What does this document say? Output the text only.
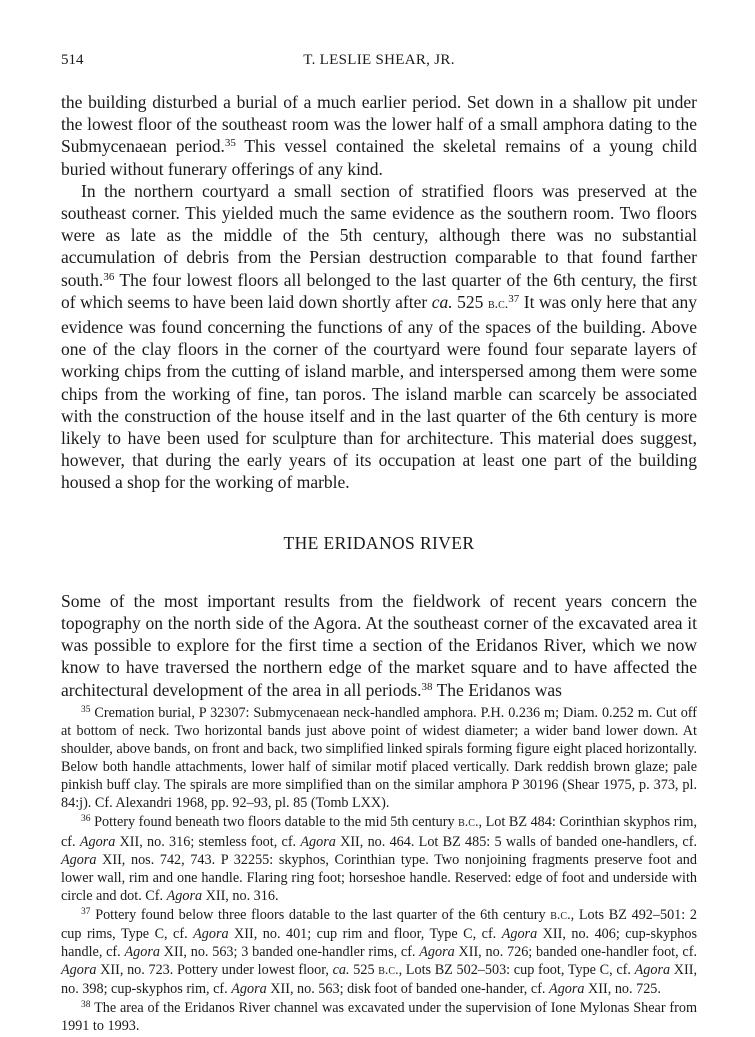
514	T. LESLIE SHEAR, JR.

the building disturbed a burial of a much earlier period. Set down in a shallow pit under the lowest floor of the southeast room was the lower half of a small amphora dating to the Submycenaean period.$^{35}$ This vessel contained the skeletal remains of a young child buried without funerary offerings of any kind.

In the northern courtyard a small section of stratified floors was preserved at the southeast corner. This yielded much the same evidence as the southern room. Two floors were as late as the middle of the 5th century, although there was no substantial accumulation of debris from the Persian destruction comparable to that found farther south.$^{36}$ The four lowest floors all belonged to the last quarter of the 6th century, the first of which seems to have been laid down shortly after ca. 525 b.c.$^{37}$ It was only here that any evidence was found concerning the functions of any of the spaces of the building. Above one of the clay floors in the corner of the courtyard were found four separate layers of working chips from the cutting of island marble, and interspersed among them were some chips from the working of fine, tan poros. The island marble can scarcely be associated with the construction of the house itself and in the last quarter of the 6th century is more likely to have been used for sculpture than for architecture. This material does suggest, however, that during the early years of its occupation at least one part of the building housed a shop for the working of marble.

THE ERIDANOS RIVER

Some of the most important results from the fieldwork of recent years concern the topography on the north side of the Agora. At the southeast corner of the excavated area it was possible to explore for the first time a section of the Eridanos River, which we now know to have traversed the northern edge of the market square and to have affected the architectural development of the area in all periods.$^{38}$ The Eridanos was

$^{35}$ Cremation burial, P 32307: Submycenaean neck-handled amphora. P.H. 0.236 m; Diam. 0.252 m. Cut off at bottom of neck. Two horizontal bands just above point of widest diameter; a wider band lower down. At shoulder, above bands, on front and back, two simplified linked spirals forming figure eight placed horizontally. Below both handle attachments, lower half of similar motif placed vertically. Dark reddish brown glaze; pale pinkish buff clay. The spirals are more simplified than on the similar amphora P 30196 (Shear 1975, p. 373, pl. 84:j). Cf. Alexandri 1968, pp. 92–93, pl. 85 (Tomb LXX).

$^{36}$ Pottery found beneath two floors datable to the mid 5th century b.c., Lot BZ 484: Corinthian skyphos rim, cf. Agora XII, no. 316; stemless foot, cf. Agora XII, no. 464. Lot BZ 485: 5 walls of banded one-handlers, cf. Agora XII, nos. 742, 743. P 32255: skyphos, Corinthian type. Two nonjoining fragments preserve foot and lower wall, rim and one handle. Flaring ring foot; horseshoe handle. Reserved: edge of foot and underside with circle and dot. Cf. Agora XII, no. 316.

$^{37}$ Pottery found below three floors datable to the last quarter of the 6th century b.c., Lots BZ 492–501: 2 cup rims, Type C, cf. Agora XII, no. 401; cup rim and floor, Type C, cf. Agora XII, no. 406; cup-skyphos handle, cf. Agora XII, no. 563; 3 banded one-handler rims, cf. Agora XII, no. 726; banded one-handler foot, cf. Agora XII, no. 723. Pottery under lowest floor, ca. 525 b.c., Lots BZ 502–503: cup foot, Type C, cf. Agora XII, no. 398; cup-skyphos rim, cf. Agora XII, no. 563; disk foot of banded one-hander, cf. Agora XII, no. 725.

$^{38}$ The area of the Eridanos River channel was excavated under the supervision of Ione Mylonas Shear from 1991 to 1993.
